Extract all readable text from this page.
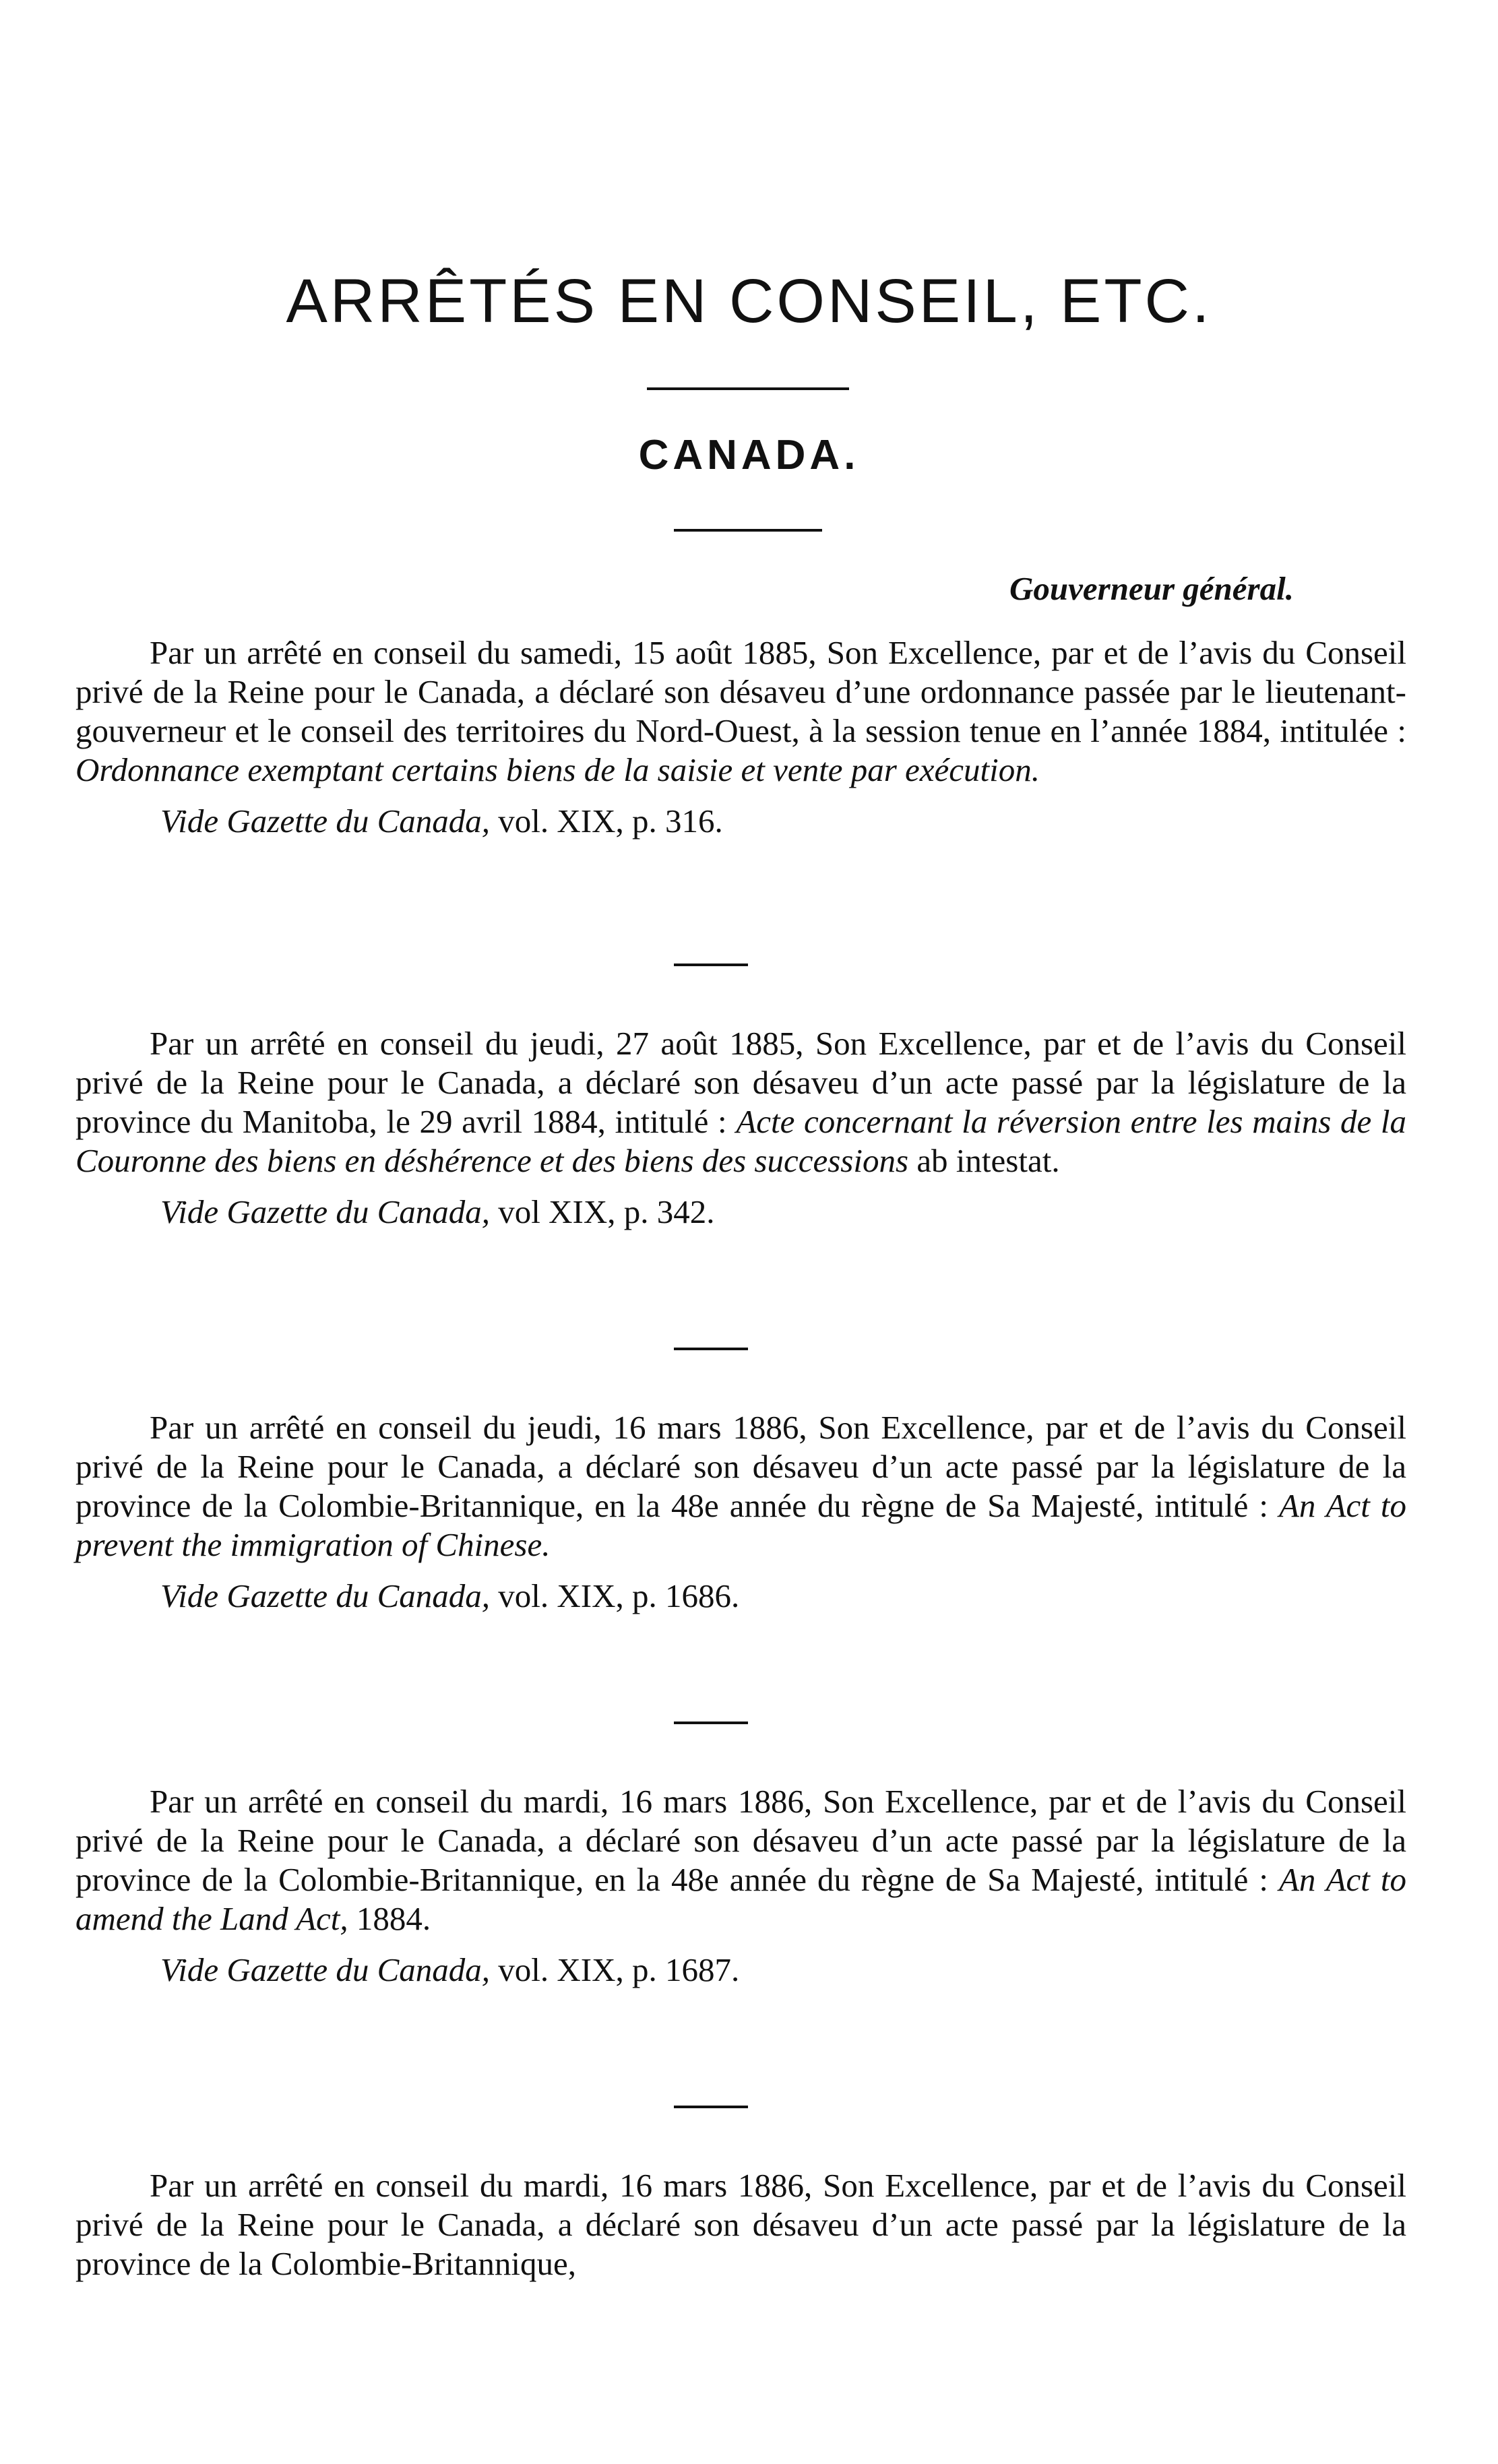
ARRÊTÉS EN CONSEIL, ETC.
CANADA.
Gouverneur général.

Par un arrêté en conseil du samedi, 15 août 1885, Son Excellence, par et de l’avis du Conseil privé de la Reine pour le Canada, a déclaré son désaveu d’une ordonnance passée par le lieutenant-gouverneur et le conseil des territoires du Nord-Ouest, à la session tenue en l’année 1884, intitulée : Ordonnance exemptant certains biens de la saisie et vente par exécution.

Vide Gazette du Canada, vol. XIX, p. 316.

Par un arrêté en conseil du jeudi, 27 août 1885, Son Excellence, par et de l’avis du Conseil privé de la Reine pour le Canada, a déclaré son désaveu d’un acte passé par la législature de la province du Manitoba, le 29 avril 1884, intitulé : Acte concernant la réversion entre les mains de la Couronne des biens en déshérence et des biens des successions ab intestat.

Vide Gazette du Canada, vol XIX, p. 342.

Par un arrêté en conseil du jeudi, 16 mars 1886, Son Excellence, par et de l’avis du Conseil privé de la Reine pour le Canada, a déclaré son désaveu d’un acte passé par la législature de la province de la Colombie-Britannique, en la 48e année du règne de Sa Majesté, intitulé : An Act to prevent the immigration of Chinese.

Vide Gazette du Canada, vol. XIX, p. 1686.

Par un arrêté en conseil du mardi, 16 mars 1886, Son Excellence, par et de l’avis du Conseil privé de la Reine pour le Canada, a déclaré son désaveu d’un acte passé par la législature de la province de la Colombie-Britannique, en la 48e année du règne de Sa Majesté, intitulé : An Act to amend the Land Act, 1884.

Vide Gazette du Canada, vol. XIX, p. 1687.

Par un arrêté en conseil du mardi, 16 mars 1886, Son Excellence, par et de l’avis du Conseil privé de la Reine pour le Canada, a déclaré son désaveu d’un acte passé par la législature de la province de la Colombie-Britannique,
